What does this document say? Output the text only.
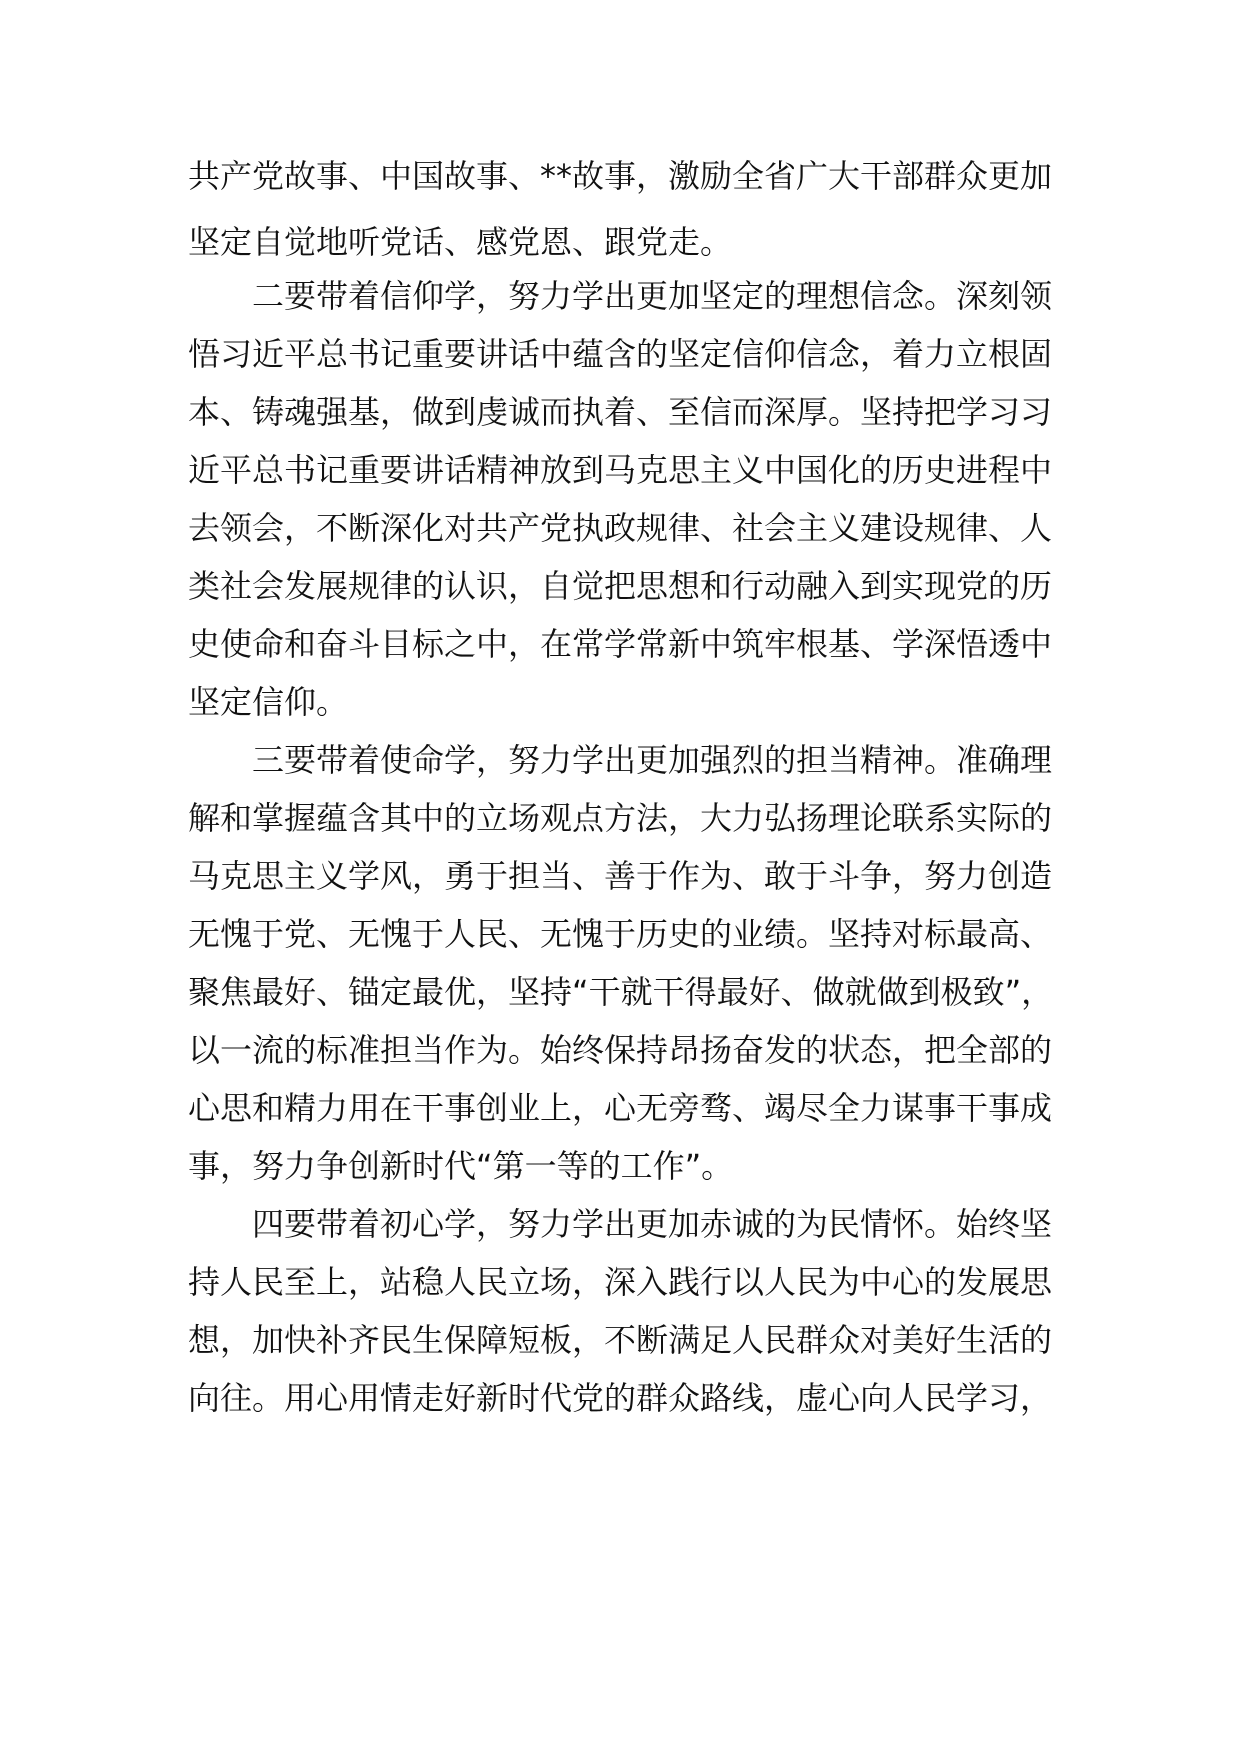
共产党故事、中国故事、**故事，激励全省广大干部群众更加
坚定自觉地听党话、感党恩、跟党走。
二要带着信仰学，努力学出更加坚定的理想信念。深刻领
悟习近平总书记重要讲话中蕴含的坚定信仰信念，着力立根固
本、铸魂强基，做到虔诚而执着、至信而深厚。坚持把学习习
近平总书记重要讲话精神放到马克思主义中国化的历史进程中
去领会，不断深化对共产党执政规律、社会主义建设规律、人
类社会发展规律的认识，自觉把思想和行动融入到实现党的历
史使命和奋斗目标之中，在常学常新中筑牢根基、学深悟透中
坚定信仰。
三要带着使命学，努力学出更加强烈的担当精神。准确理
解和掌握蕴含其中的立场观点方法，大力弘扬理论联系实际的
马克思主义学风，勇于担当、善于作为、敢于斗争，努力创造
无愧于党、无愧于人民、无愧于历史的业绩。坚持对标最高、
聚焦最好、锚定最优，坚持“干就干得最好、做就做到极致”，
以一流的标准担当作为。始终保持昂扬奋发的状态，把全部的
心思和精力用在干事创业上，心无旁骛、竭尽全力谋事干事成
事，努力争创新时代“第一等的工作”。
四要带着初心学，努力学出更加赤诚的为民情怀。始终坚
持人民至上，站稳人民立场，深入践行以人民为中心的发展思
想，加快补齐民生保障短板，不断满足人民群众对美好生活的
向往。用心用情走好新时代党的群众路线，虚心向人民学习，
